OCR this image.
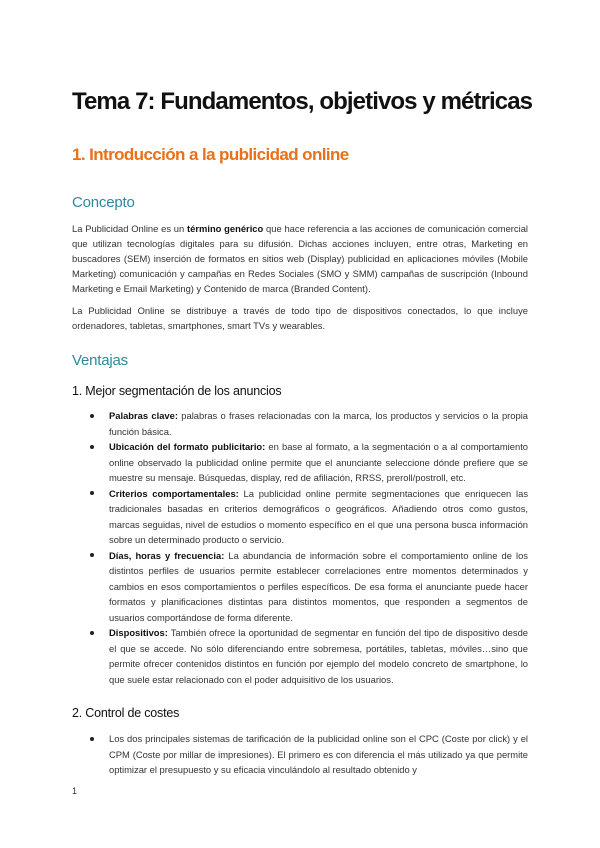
Tema 7: Fundamentos, objetivos y métricas
1. Introducción a la publicidad online
Concepto

La Publicidad Online es un término genérico que hace referencia a las acciones de comunicación comercial que utilizan tecnologías digitales para su difusión. Dichas acciones incluyen, entre otras, Marketing en buscadores (SEM) inserción de formatos en sitios web (Display) publicidad en aplicaciones móviles (Mobile Marketing) comunicación y campañas en Redes Sociales (SMO y SMM) campañas de suscripción (Inbound Marketing e Email Marketing) y Contenido de marca (Branded Content).

La Publicidad Online se distribuye a través de todo tipo de dispositivos conectados, lo que incluye ordenadores, tabletas, smartphones, smart TVs y wearables.

Ventajas
1. Mejor segmentación de los anuncios
Palabras clave: palabras o frases relacionadas con la marca, los productos y servicios o la propia función básica.
Ubicación del formato publicitario: en base al formato, a la segmentación o a al comportamiento online observado la publicidad online permite que el anunciante seleccione dónde prefiere que se muestre su mensaje. Búsquedas, display, red de afiliación, RRSS, preroll/postroll, etc.
Criterios comportamentales: La publicidad online permite segmentaciones que enriquecen las tradicionales basadas en criterios demográficos o geográficos. Añadiendo otros como gustos, marcas seguidas, nivel de estudios o momento específico en el que una persona busca información sobre un determinado producto o servicio.
Días, horas y frecuencia: La abundancia de información sobre el comportamiento online de los distintos perfiles de usuarios permite establecer correlaciones entre momentos determinados y cambios en esos comportamientos o perfiles específicos. De esa forma el anunciante puede hacer formatos y planificaciones distintas para distintos momentos, que responden a segmentos de usuarios comportándose de forma diferente.
Dispositivos: También ofrece la oportunidad de segmentar en función del tipo de dispositivo desde el que se accede. No sólo diferenciando entre sobremesa, portátiles, tabletas, móviles…sino que permite ofrecer contenidos distintos en función por ejemplo del modelo concreto de smartphone, lo que suele estar relacionado con el poder adquisitivo de los usuarios.
2. Control de costes
Los dos principales sistemas de tarificación de la publicidad online son el CPC (Coste por click) y el CPM (Coste por millar de impresiones). El primero es con diferencia el más utilizado ya que permite optimizar el presupuesto y su eficacia vinculándolo al resultado obtenido y
1
